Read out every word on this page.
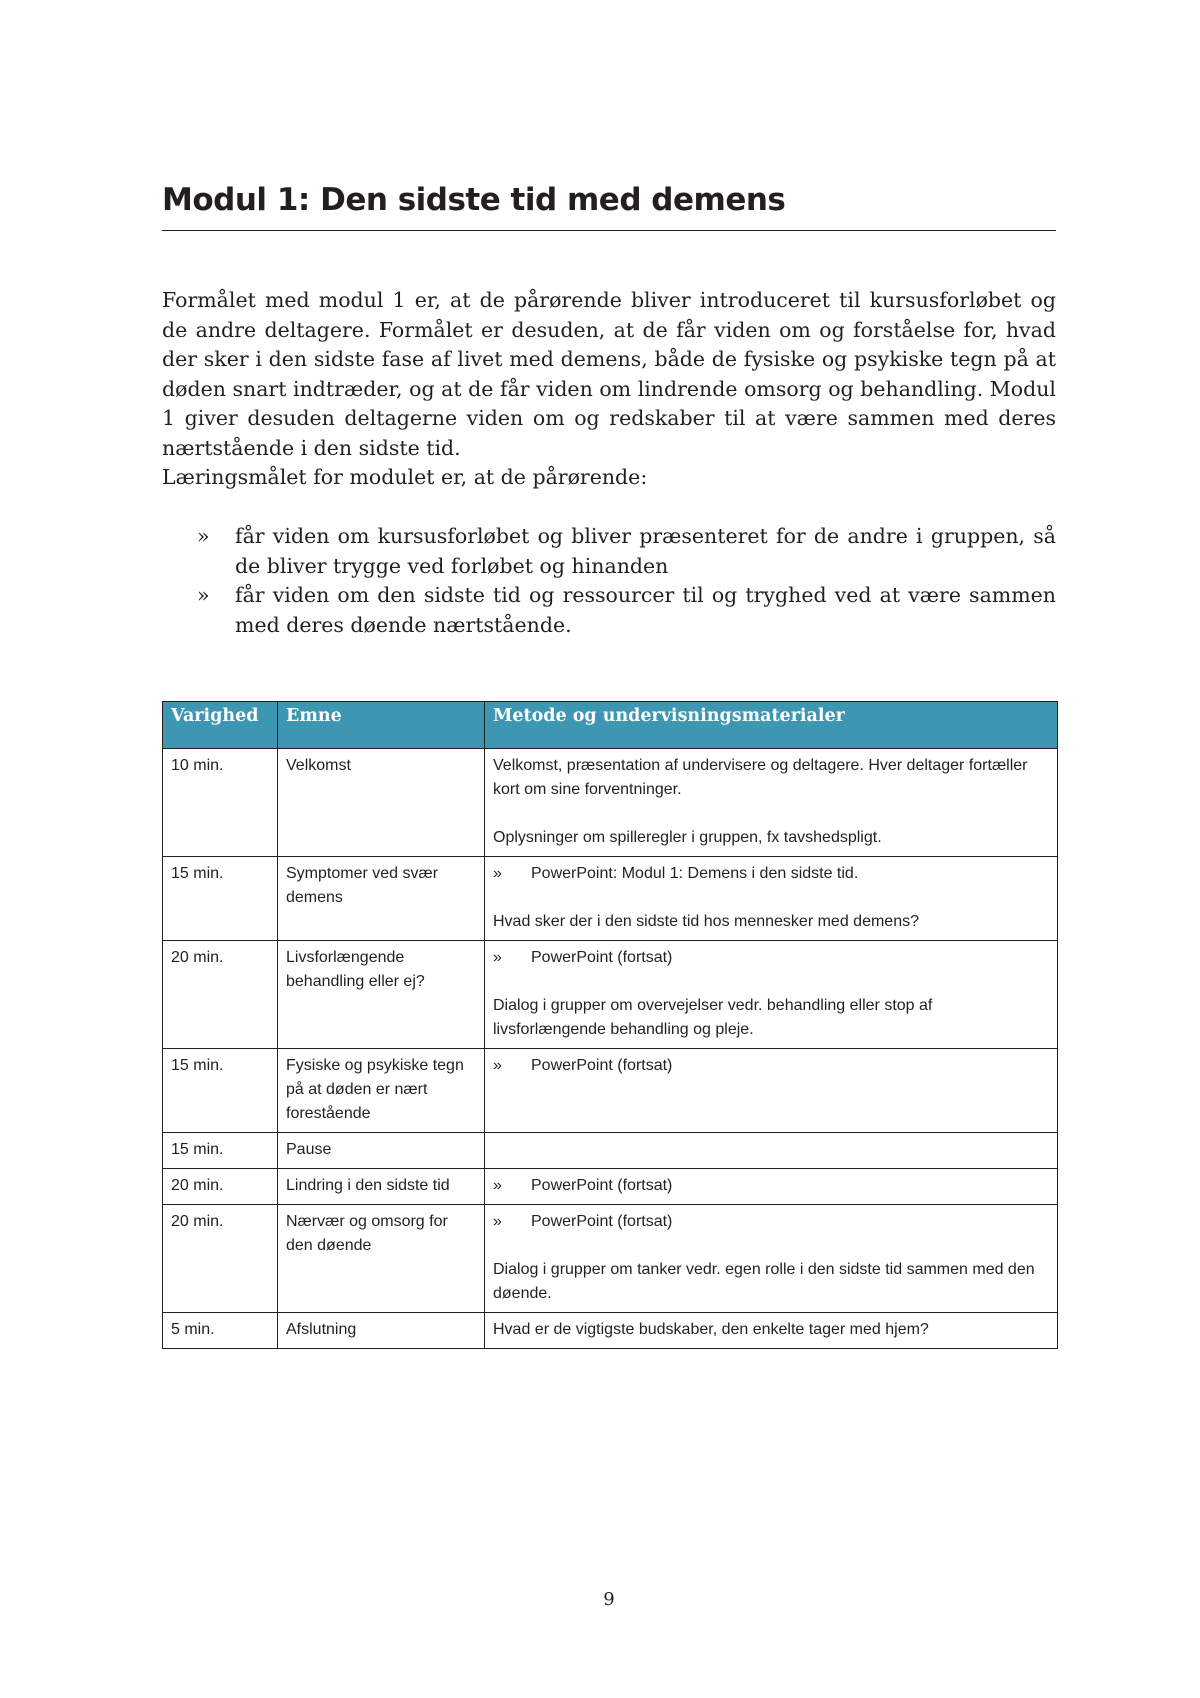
Modul 1: Den sidste tid med demens

Formålet med modul 1 er, at de pårørende bliver introduceret til kursusforløbet og de andre deltagere. Formålet er desuden, at de får viden om og forståelse for, hvad der sker i den sidste fase af livet med demens, både de fysiske og psykiske tegn på at døden snart indtræder, og at de får viden om lindrende omsorg og behandling. Modul 1 giver desuden deltagerne viden om og redskaber til at være sammen med deres nærtstående i den sidste tid.

Læringsmålet for modulet er, at de pårørende:

» får viden om kursusforløbet og bliver præsenteret for de andre i gruppen, så de bliver trygge ved forløbet og hinanden
» får viden om den sidste tid og ressourcer til og tryghed ved at være sammen med deres døende nærtstående.
Varighed	Emne	Metode og undervisningsmaterialer
10 min.	Velkomst	Velkomst, præsentation af undervisere og deltagere. Hver deltager fortæller kort om sine forventninger.
Oplysninger om spilleregler i gruppen, fx tavshedspligt.

15 min.	Symptomer ved svær demens	» PowerPoint: Modul 1: Demens i den sidste tid.
Hvad sker der i den sidste tid hos mennesker med demens?

20 min.	Livsforlængende behandling eller ej?	» PowerPoint (fortsat)
Dialog i grupper om overvejelser vedr. behandling eller stop af livsforlængende behandling og pleje.

15 min.	Fysiske og psykiske tegn på at døden er nært forestående	» PowerPoint (fortsat)

15 min.	Pause	
20 min.	Lindring i den sidste tid	» PowerPoint (fortsat)

20 min.	Nærvær og omsorg for den døende	» PowerPoint (fortsat)
Dialog i grupper om tanker vedr. egen rolle i den sidste tid sammen med den døende.

5 min.	Afslutning	Hvad er de vigtigste budskaber, den enkelte tager med hjem?
9
